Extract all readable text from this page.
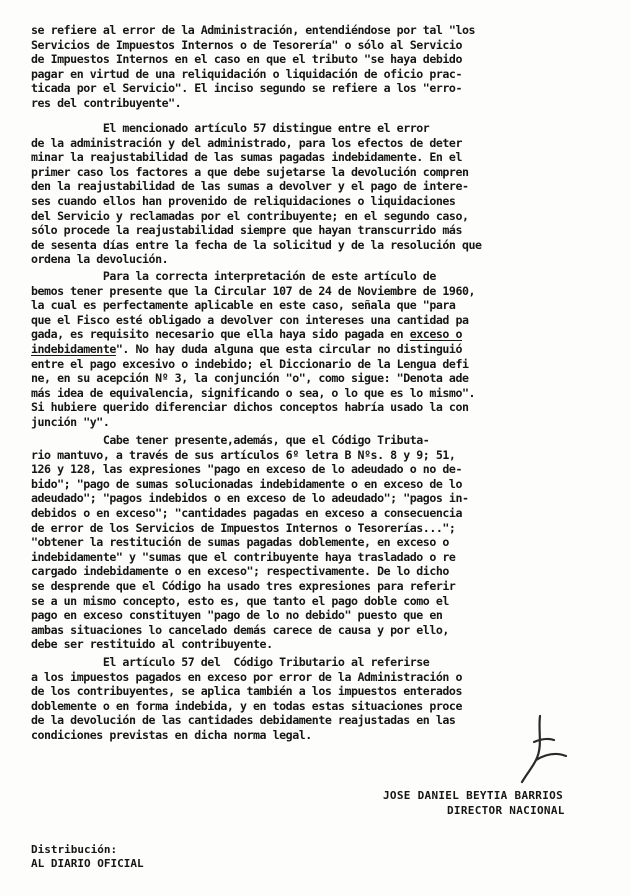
se refiere al error de la Administración, entendiéndose por tal "los
Servicios de Impuestos Internos o de Tesorería" o sólo al Servicio
de Impuestos Internos en el caso en que el tributo "se haya debido
pagar en virtud de una reliquidación o liquidación de oficio prac-
ticada por el Servicio". El inciso segundo se refiere a los "erro-
res del contribuyente".
El mencionado artículo 57 distingue entre el error
de la administración y del administrado, para los efectos de deter
minar la reajustabilidad de las sumas pagadas indebidamente. En el
primer caso los factores a que debe sujetarse la devolución compren
den la reajustabilidad de las sumas a devolver y el pago de intere-
ses cuando ellos han provenido de reliquidaciones o liquidaciones
del Servicio y reclamadas por el contribuyente; en el segundo caso,
sólo procede la reajustabilidad siempre que hayan transcurrido más
de sesenta días entre la fecha de la solicitud y de la resolución que
ordena la devolución.
Para la correcta interpretación de este artículo de
bemos tener presente que la Circular 107 de 24 de Noviembre de 1960,
la cual es perfectamente aplicable en este caso, señala que "para
que el Fisco esté obligado a devolver con intereses una cantidad pa
gada, es requisito necesario que ella haya sido pagada en exceso o
indebidamente". No hay duda alguna que esta circular no distinguió
entre el pago excesivo o indebido; el Diccionario de la Lengua defi
ne, en su acepción Nº 3, la conjunción "o", como sigue: "Denota ade
más idea de equivalencia, significando o sea, o lo que es lo mismo".
Si hubiere querido diferenciar dichos conceptos habría usado la con
junción "y".
Cabe tener presente,además, que el Código Tributa-
rio mantuvo, a través de sus artículos 6º letra B Nºs. 8 y 9; 51,
126 y 128, las expresiones "pago en exceso de lo adeudado o no de-
bido"; "pago de sumas solucionadas indebidamente o en exceso de lo
adeudado"; "pagos indebidos o en exceso de lo adeudado"; "pagos in-
debidos o en exceso"; "cantidades pagadas en exceso a consecuencia
de error de los Servicios de Impuestos Internos o Tesorerías...";
"obtener la restitución de sumas pagadas doblemente, en exceso o
indebidamente" y "sumas que el contribuyente haya trasladado o re
cargado indebidamente o en exceso"; respectivamente. De lo dicho
se desprende que el Código ha usado tres expresiones para referir
se a un mismo concepto, esto es, que tanto el pago doble como el
pago en exceso constituyen "pago de lo no debido" puesto que en
ambas situaciones lo cancelado demás carece de causa y por ello,
debe ser restituido al contribuyente.
El artículo 57 del  Código Tributario al referirse
a los impuestos pagados en exceso por error de la Administración o
de los contribuyentes, se aplica también a los impuestos enterados
doblemente o en forma indebida, y en todas estas situaciones proce
de la devolución de las cantidades debidamente reajustadas en las
condiciones previstas en dicha norma legal.
JOSE DANIEL BEYTIA BARRIOS
DIRECTOR NACIONAL
Distribución:
AL DIARIO OFICIAL
